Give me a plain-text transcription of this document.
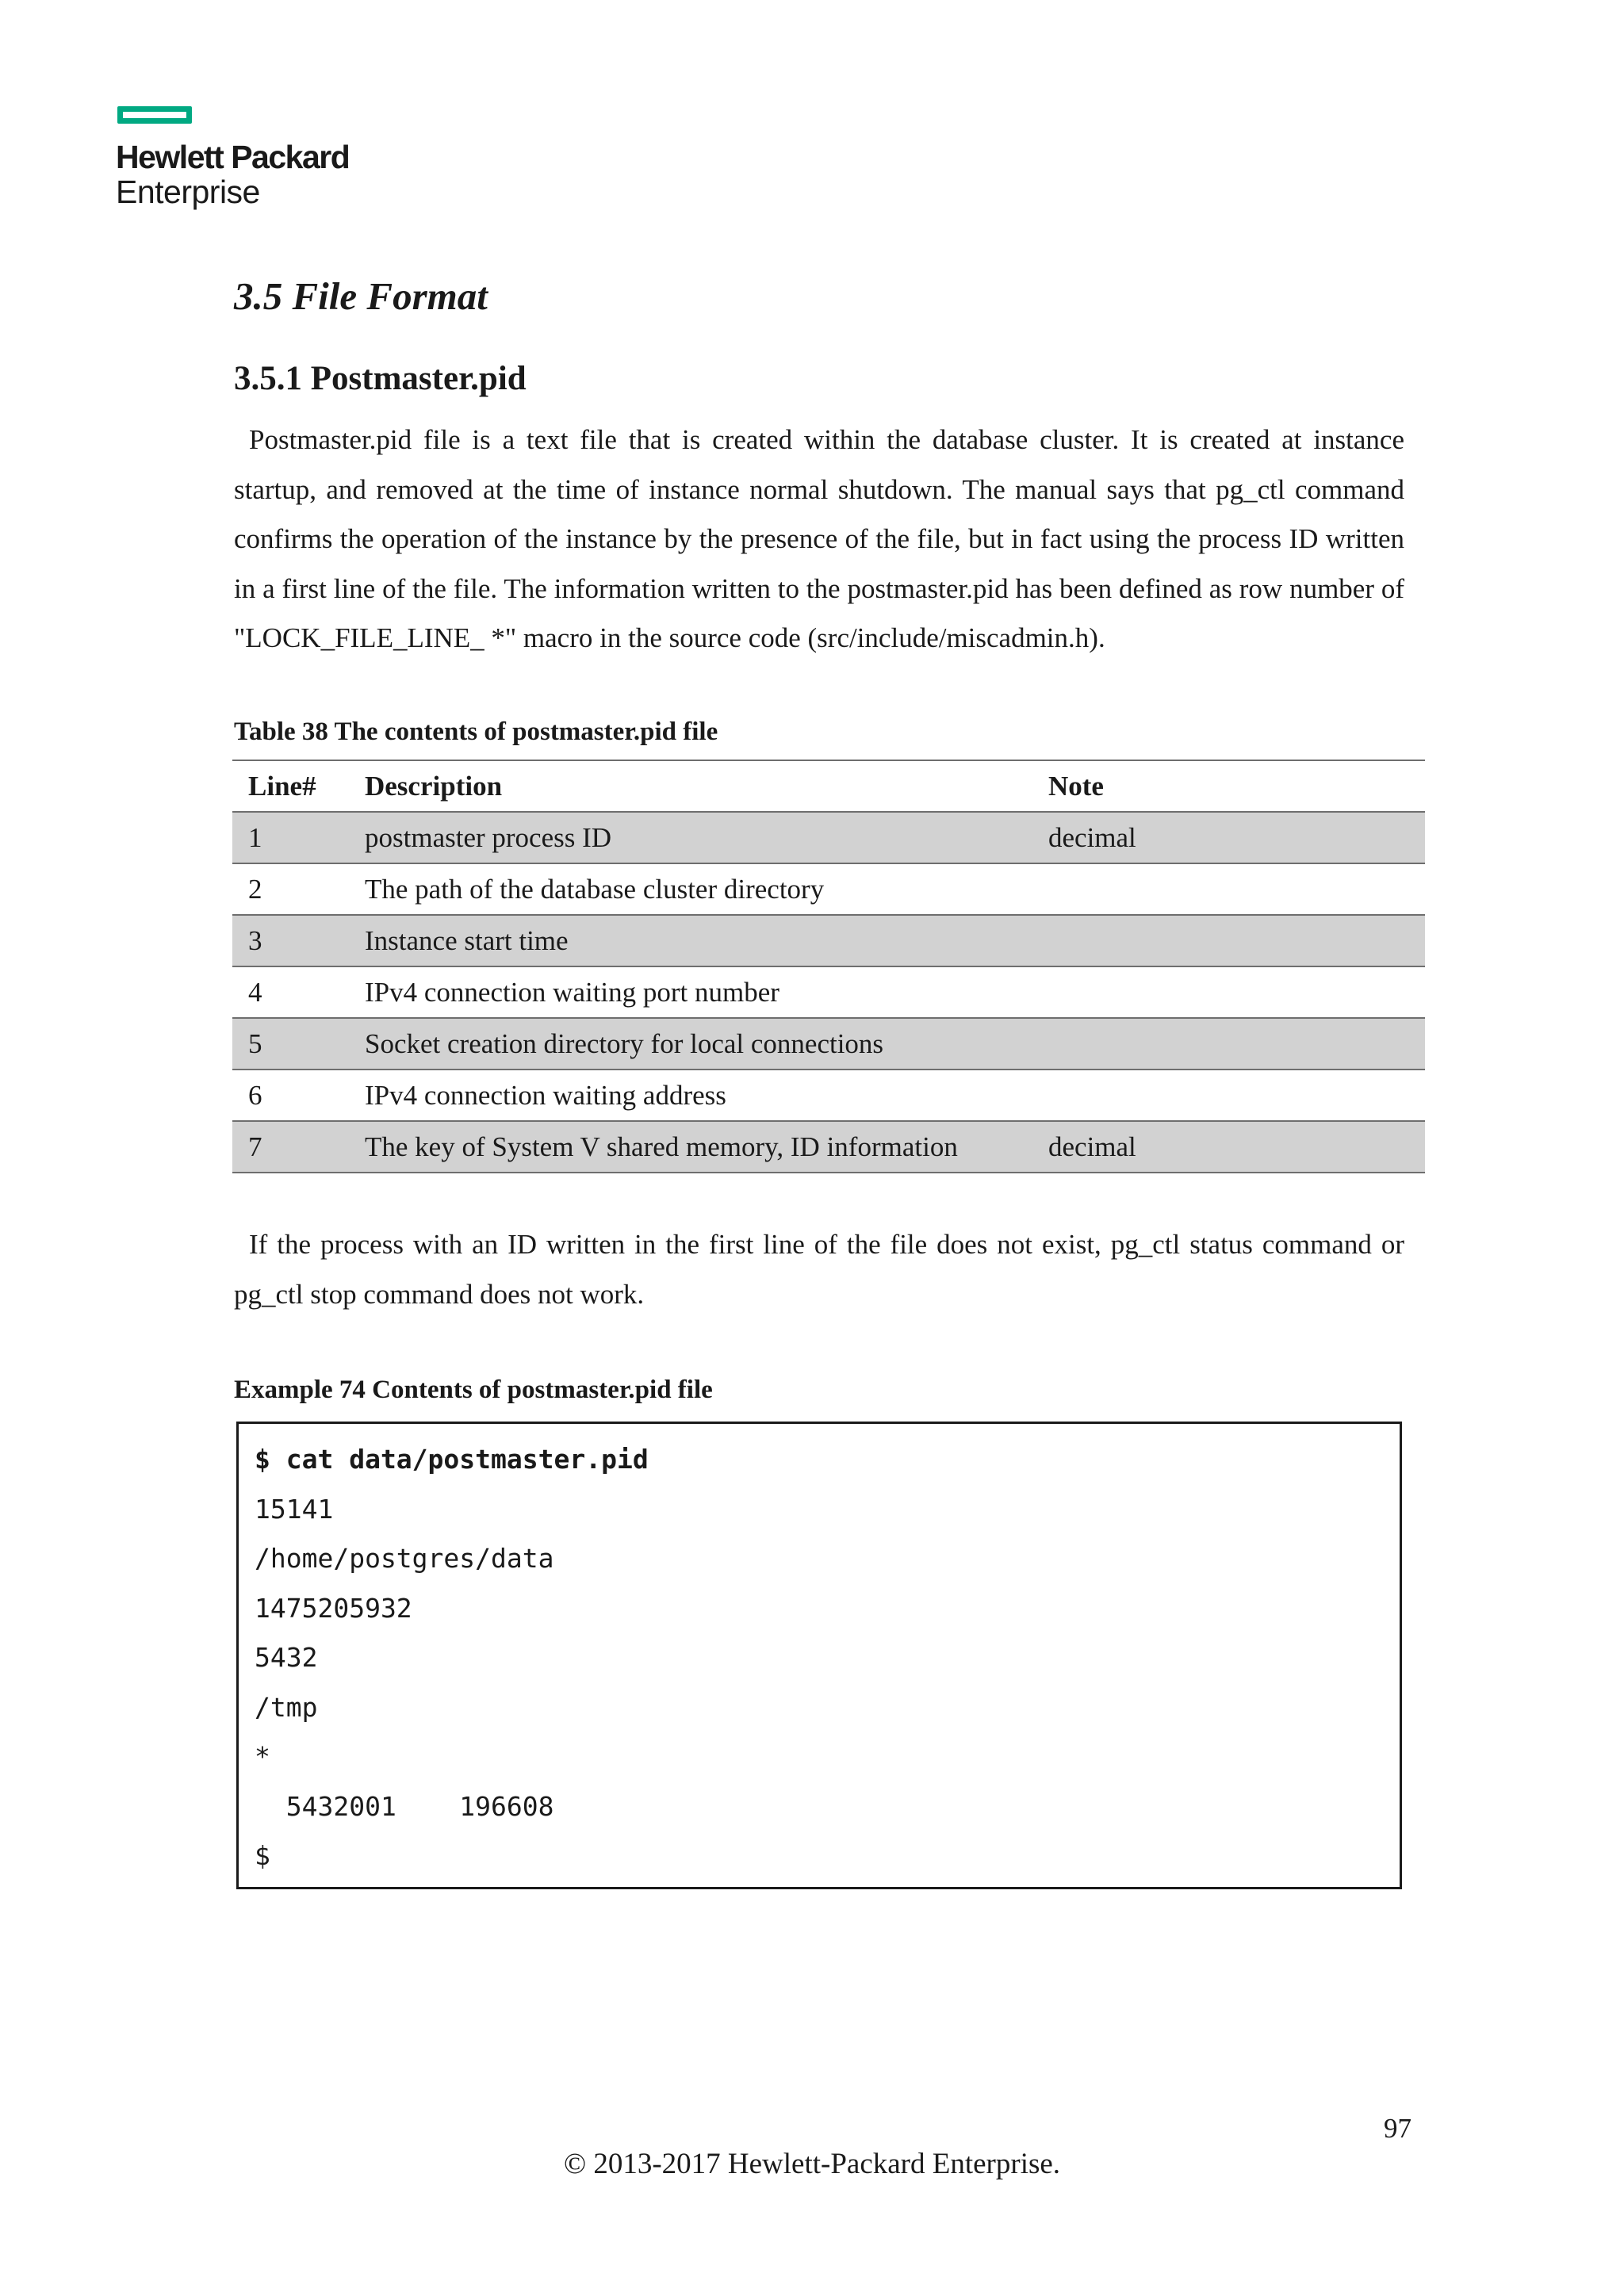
Hewlett Packard
Enterprise
3.5 File Format
3.5.1 Postmaster.pid

Postmaster.pid file is a text file that is created within the database cluster. It is created at instance startup, and removed at the time of instance normal shutdown. The manual says that pg_ctl command confirms the operation of the instance by the presence of the file, but in fact using the process ID written in a first line of the file. The information written to the postmaster.pid has been defined as row number of "LOCK_FILE_LINE_ *" macro in the source code (src/include/miscadmin.h).

Table 38 The contents of postmaster.pid file

Line#	Description	Note
1	postmaster process ID	decimal
2	The path of the database cluster directory	
3	Instance start time	
4	IPv4 connection waiting port number	
5	Socket creation directory for local connections	
6	IPv4 connection waiting address	
7	The key of System V shared memory, ID information	decimal

If the process with an ID written in the first line of the file does not exist, pg_ctl status command or pg_ctl stop command does not work.

Example 74 Contents of postmaster.pid file

$ cat data/postmaster.pid
15141
/home/postgres/data
1475205932
5432
/tmp
*
5432001    196608
$

97

© 2013-2017 Hewlett-Packard Enterprise.
